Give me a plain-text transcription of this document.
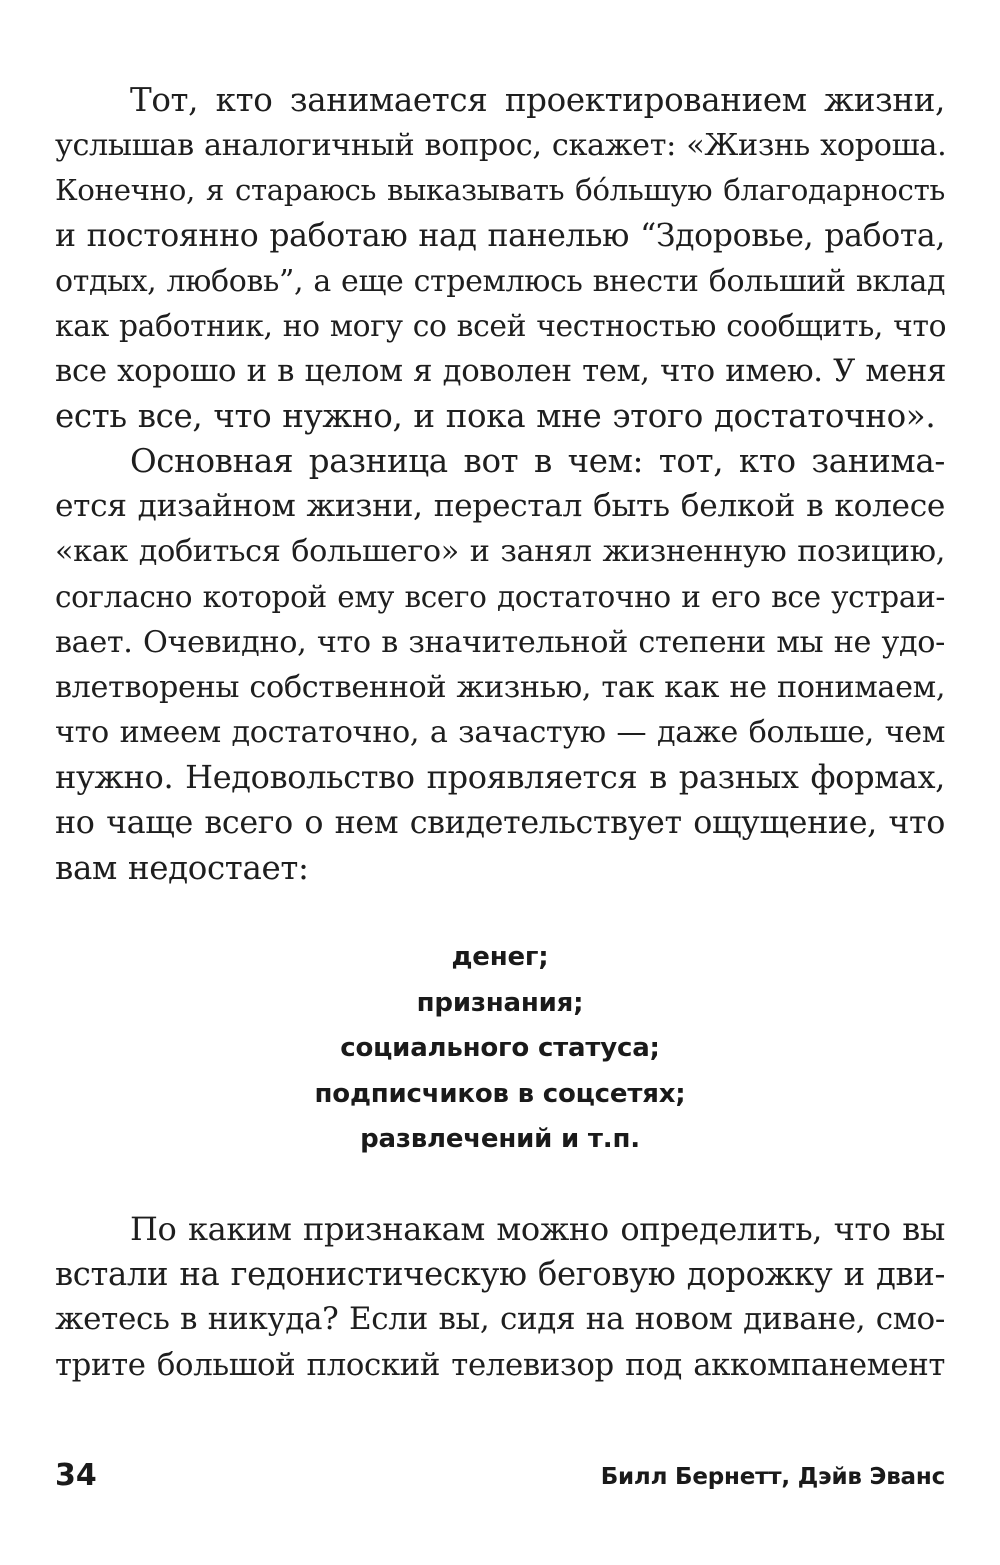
Тот, кто занимается проектированием жизни,
услышав аналогичный вопрос, скажет: «Жизнь хороша.
Конечно, я стараюсь выказывать бóльшую благодарность
и постоянно работаю над панелью “Здоровье, работа,
отдых, любовь”, а еще стремлюсь внести больший вклад
как работник, но могу со всей честностью сообщить, что
все хорошо и в целом я доволен тем, что имею. У меня
есть все, что нужно, и пока мне этого достаточно».
Основная разница вот в чем: тот, кто занима-
ется дизайном жизни, перестал быть белкой в колесе
«как добиться большего» и занял жизненную позицию,
согласно которой ему всего достаточно и его все устраи-
вает. Очевидно, что в значительной степени мы не удо-
влетворены собственной жизнью, так как не понимаем,
что имеем достаточно, а зачастую — даже больше, чем
нужно. Недовольство проявляется в разных формах,
но чаще всего о нем свидетельствует ощущение, что
вам недостает:
денег;
признания;
социального статуса;
подписчиков в соцсетях;
развлечений и т.п.
По каким признакам можно определить, что вы
встали на гедонистическую беговую дорожку и дви-
жетесь в никуда? Если вы, сидя на новом диване, смо-
трите большой плоский телевизор под аккомпанемент
34	Билл Бернетт, Дэйв Эванс
